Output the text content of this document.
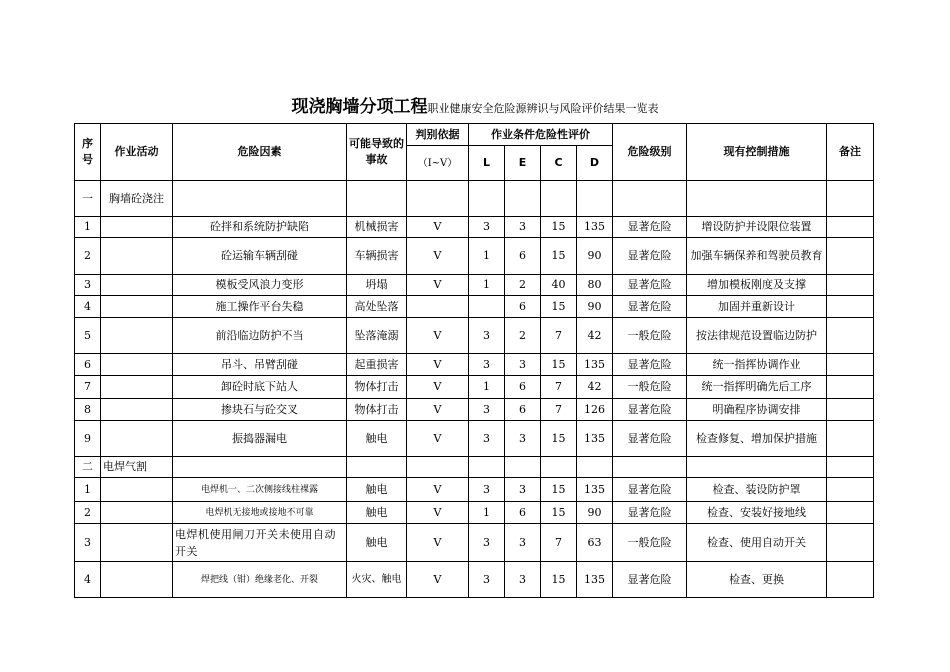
现浇胸墙分项工程职业健康安全危险源辨识与风险评价结果一览表
序号	作业活动	危险因素	可能导致的事故	判别依据	作业条件危险性评价				危险级别	现有控制措施	备注
				（Ⅰ~Ⅴ）	L	E	C	D			

一	胸墙砼浇注										
1		砼拌和系统防护缺陷	机械损害	V	3	3	15	135	显著危险	增设防护并设限位装置	
2		砼运输车辆刮碰	车辆损害	V	1	6	15	90	显著危险	加强车辆保养和驾驶员教育	
3		模板受风浪力变形	坍塌	V	1	2	40	80	显著危险	增加模板刚度及支撑	
4		施工操作平台失稳	高处坠落			6	15	90	显著危险	加固并重新设计	
5		前沿临边防护不当	坠落淹溺	V	3	2	7	42	一般危险	按法律规范设置临边防护	
6		吊斗、吊臂刮碰	起重损害	V	3	3	15	135	显著危险	统一指挥协调作业	
7		卸砼时底下站人	物体打击	V	1	6	7	42	一般危险	统一指挥明确先后工序	
8		掺块石与砼交叉	物体打击	V	3	6	7	126	显著危险	明确程序协调安排	
9		振捣器漏电	触电	V	3	3	15	135	显著危险	检查修复、增加保护措施	
二	电焊气割										
1		电焊机一、二次侧接线柱裸露	触电	V	3	3	15	135	显著危险	检查、装设防护罩	
2		电焊机无接地或接地不可靠	触电	V	1	6	15	90	显著危险	检查、安装好接地线	
3		电焊机使用闸刀开关未使用自动开关	触电	V	3	3	7	63	一般危险	检查、使用自动开关	
4		焊把线（钳）绝缘老化、开裂	火灾、触电	V	3	3	15	135	显著危险	检查、更换	
